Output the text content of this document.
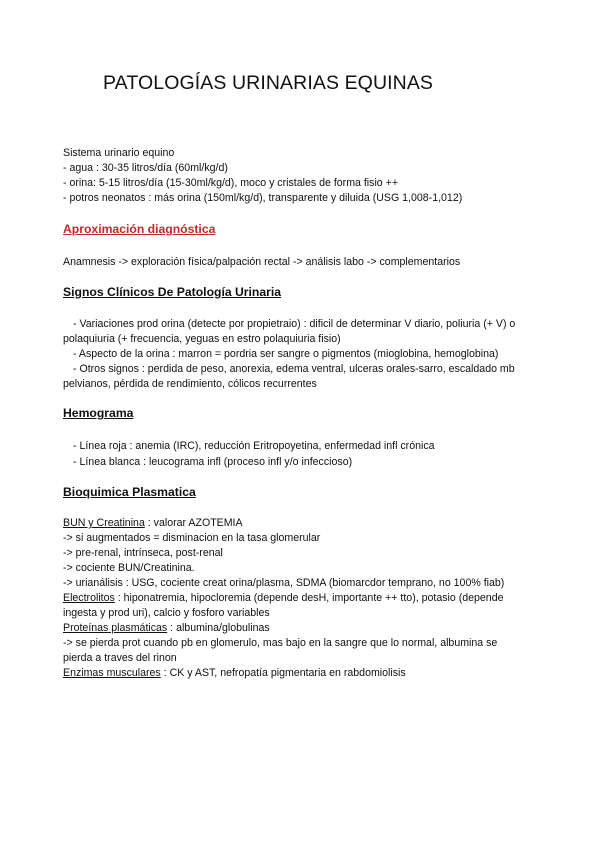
PATOLOGÍAS URINARIAS EQUINAS
Sistema urinario equino
- agua : 30-35 litros/día (60ml/kg/d)
- orina: 5-15 litros/día (15-30ml/kg/d), moco y cristales de forma fisio ++
- potros neonatos : más orina (150ml/kg/d), transparente y diluida (USG 1,008-1,012)
Aproximación diagnóstica
Anamnesis -> exploración física/palpación rectal -> análisis labo -> complementarios
Signos Clínicos De Patología Urinaria
- Variaciones prod orina (detecte por propietraio) : dificil de determinar V diario, poliuria (+ V) o
polaquiuria (+ frecuencia, yeguas en estro polaquiuria fisio)
- Aspecto de la orina : marron = pordria ser sangre o pigmentos (mioglobina, hemoglobina)
- Otros signos : perdida de peso, anorexia, edema ventral, ulceras orales-sarro, escaldado mb
pelvianos, pérdida de rendimiento, cólicos recurrentes
Hemograma
- Línea roja : anemia (IRC), reducción Eritropoyetina, enfermedad infl crónica
- Línea blanca : leucograma infl (proceso infl y/o infeccioso)
Bioquimica Plasmatica
BUN y Creatinina : valorar AZOTEMIA
-> si augmentados = disminacion en la tasa glomerular
-> pre-renal, intrínseca, post-renal
-> cociente BUN/Creatinina.
-> urianálisis : USG, cociente creat orina/plasma, SDMA (biomarcdor temprano, no 100% fiab)
Electrolitos : hiponatremia, hipocloremia (depende desH, importante ++ tto), potasio (depende
ingesta y prod uri), calcio y fosforo variables
Proteínas plasmáticas : albumina/globulinas
-> se pierda prot cuando pb en glomerulo, mas bajo en la sangre que lo normal, albumina se
pierda a traves del rinon
Enzimas musculares : CK y AST, nefropatía pigmentaria en rabdomiolisis
